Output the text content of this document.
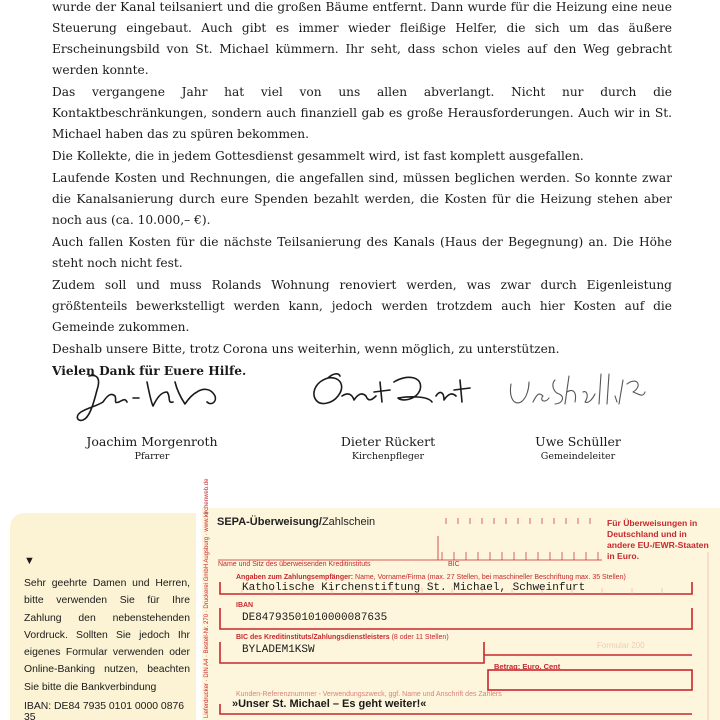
wurde der Kanal teilsaniert und die großen Bäume entfernt. Dann wurde für die Heizung eine neue Steuerung eingebaut. Auch gibt es immer wieder fleißige Helfer, die sich um das äußere Erscheinungsbild von St. Michael kümmern. Ihr seht, dass schon vieles auf den Weg gebracht werden konnte.

Das vergangene Jahr hat viel von uns allen abverlangt. Nicht nur durch die Kontaktbeschränkungen, sondern auch finanziell gab es große Herausforderungen. Auch wir in St. Michael haben das zu spüren bekommen.

Die Kollekte, die in jedem Gottesdienst gesammelt wird, ist fast komplett ausgefallen.

Laufende Kosten und Rechnungen, die angefallen sind, müssen beglichen werden. So konnte zwar die Kanalsanierung durch eure Spenden bezahlt werden, die Kosten für die Heizung stehen aber noch aus (ca. 10.000,– €).

Auch fallen Kosten für die nächste Teilsanierung des Kanals (Haus der Begegnung) an. Die Höhe steht noch nicht fest.

Zudem soll und muss Rolands Wohnung renoviert werden, was zwar durch Eigenleistung größtenteils bewerkstelligt werden kann, jedoch werden trotzdem auch hier Kosten auf die Gemeinde zukommen.

Deshalb unsere Bitte, trotz Corona uns weiterhin, wenn möglich, zu unterstützen.

Vielen Dank für Euere Hilfe.

Joachim Morgenroth
Pfarrer
Dieter Rückert
Kirchenpfleger
Uwe Schüller
Gemeindeleiter
▼
Sehr geehrte Damen und Herren, bitte verwenden Sie für Ihre Zahlung den nebenstehenden Vordruck. Sollten Sie jedoch Ihr eigenes Formular verwenden oder Online-Banking nutzen, beachten Sie bitte die Bankverbindung
IBAN: DE84 7935 0101 0000 0876 35
SEPA-Überweisung/Zahlschein	Für Überweisungen in Deutschland und in andere EU-/EWR-Staaten in Euro.
Name und Sitz des überweisenden Kreditinstituts	BIC
Angaben zum Zahlungsempfänger: Name, Vorname/Firma (max. 27 Stellen, bei maschineller Beschriftung max. 35 Stellen)
Katholische Kirchenstiftung St. Michael, Schweinfurt
IBAN
DE84793501010000087635
BIC des Kreditinstituts/Zahlungsdienstleisters (8 oder 11 Stellen)
BYLADEM1KSW	Formular 200
Betrag: Euro, Cent
Kunden-Referenznummer - Verwendungszweck, ggf. Name und Anschrift des Zahlers
»Unser St. Michael – Es geht weiter!«
Lieferdrucker · DIN A4 · Bestell-Nr. 270 · Druckerei GmbH Augsburg · www.kirchenweb.de
